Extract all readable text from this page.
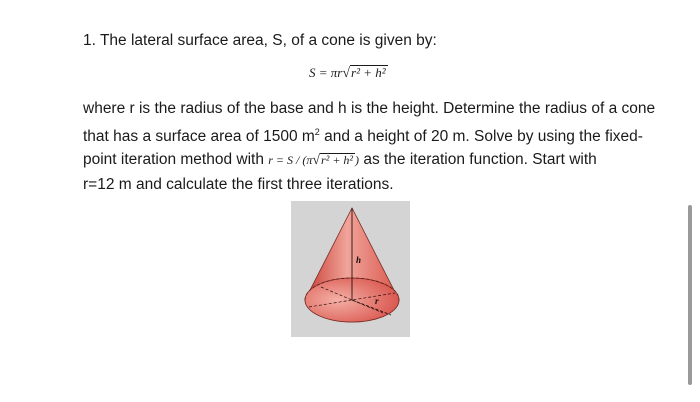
1. The lateral surface area, S, of a cone is given by:
S = πr√r² + h²
where r is the radius of the base and h is the height. Determine the radius of a cone
that has a surface area of 1500 $m^2$ and a height of 20 m. Solve by using the fixed-
point iteration method with r = S / (π√r² + h² ) as the iteration function. Start with
r=12 m and calculate the first three iterations.
h
r
